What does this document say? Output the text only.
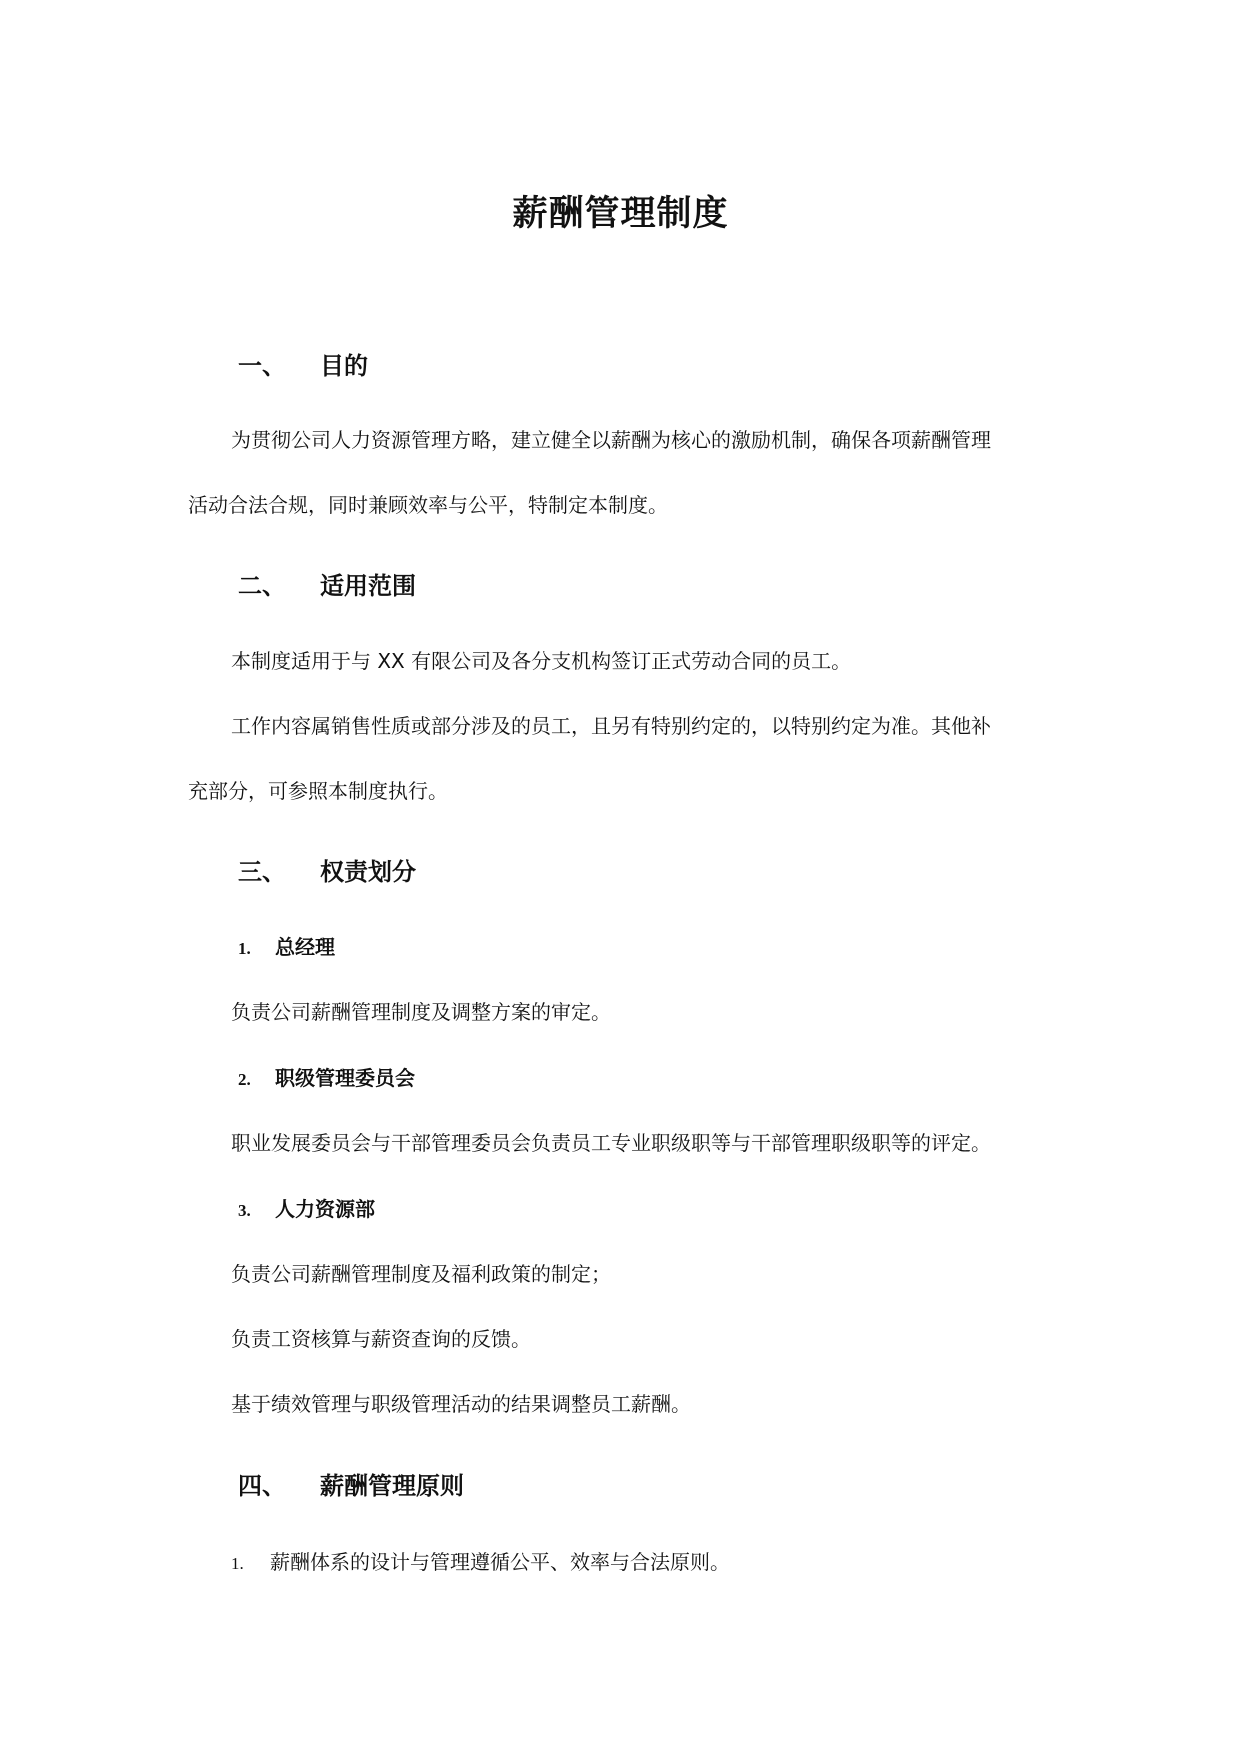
薪酬管理制度
一、 目的
为贯彻公司人力资源管理方略，建立健全以薪酬为核心的激励机制，确保各项薪酬管理
活动合法合规，同时兼顾效率与公平，特制定本制度。
二、 适用范围
本制度适用于与 XX 有限公司及各分支机构签订正式劳动合同的员工。
工作内容属销售性质或部分涉及的员工，且另有特别约定的，以特别约定为准。其他补
充部分，可参照本制度执行。
三、 权责划分
1. 总经理
负责公司薪酬管理制度及调整方案的审定。
2. 职级管理委员会
职业发展委员会与干部管理委员会负责员工专业职级职等与干部管理职级职等的评定。
3. 人力资源部
负责公司薪酬管理制度及福利政策的制定；
负责工资核算与薪资查询的反馈。
基于绩效管理与职级管理活动的结果调整员工薪酬。
四、 薪酬管理原则
1. 薪酬体系的设计与管理遵循公平、效率与合法原则。
